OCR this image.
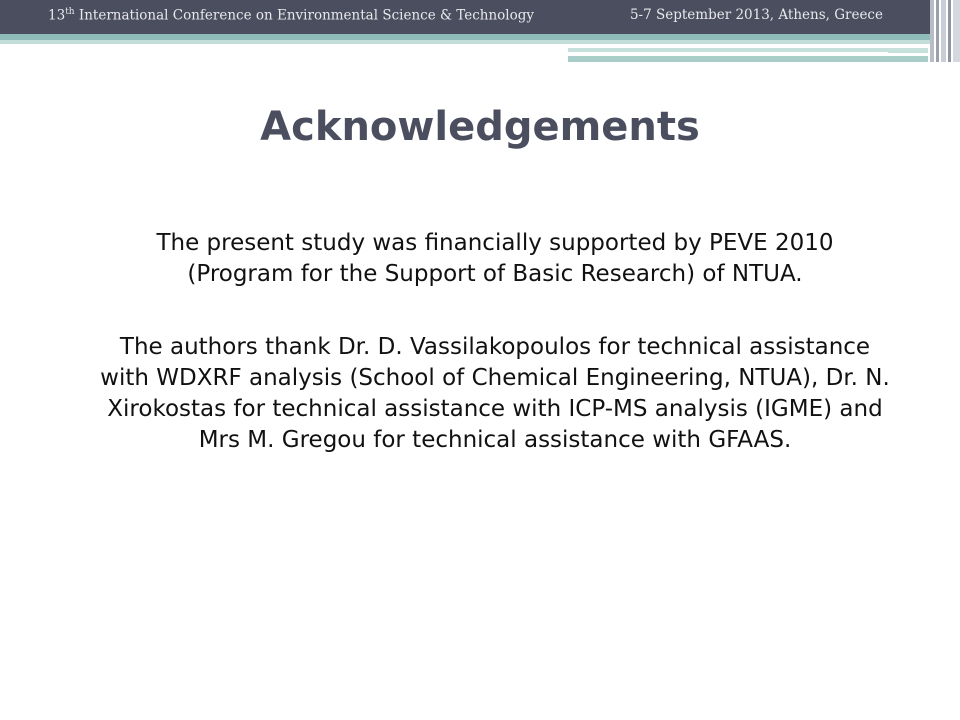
13th International Conference on Environmental Science & Technology	5-7 September 2013, Athens, Greece
Acknowledgements
The present study was financially supported by PEVE 2010 (Program for the Support of Basic Research) of NTUA.
The authors thank Dr. D. Vassilakopoulos for technical assistance with WDXRF analysis (School of Chemical Engineering, NTUA), Dr. N. Xirokostas for technical assistance with ICP-MS analysis (IGME) and Mrs M. Gregou for technical assistance with GFAAS.
